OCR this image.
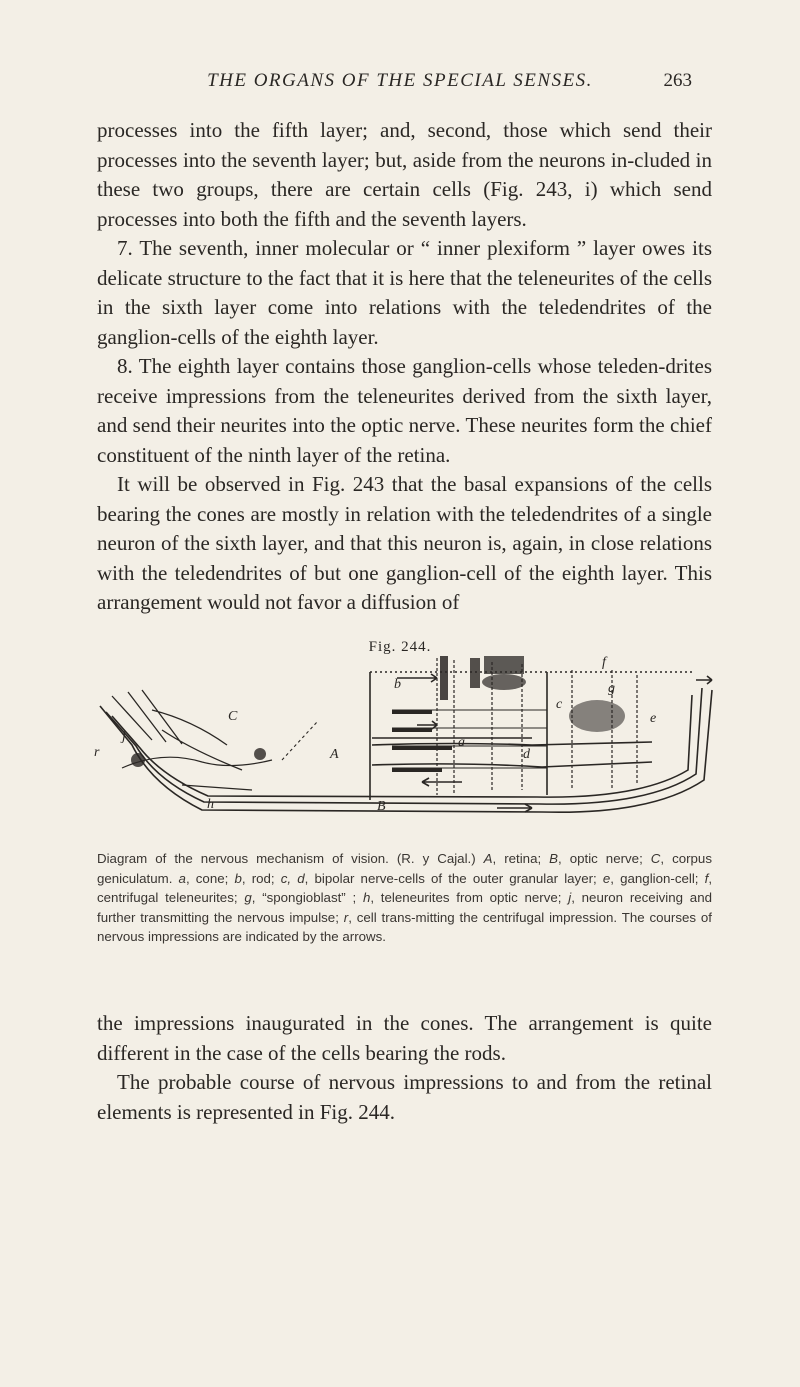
THE ORGANS OF THE SPECIAL SENSES.	263

processes into the fifth layer; and, second, those which send their processes into the seventh layer; but, aside from the neurons in-cluded in these two groups, there are certain cells (Fig. 243, i) which send processes into both the fifth and the seventh layers.

7. The seventh, inner molecular or “ inner plexiform ” layer owes its delicate structure to the fact that it is here that the teleneurites of the cells in the sixth layer come into relations with the teledendrites of the ganglion-cells of the eighth layer.

8. The eighth layer contains those ganglion-cells whose teleden-drites receive impressions from the teleneurites derived from the sixth layer, and send their neurites into the optic nerve. These neurites form the chief constituent of the ninth layer of the retina.

It will be observed in Fig. 243 that the basal expansions of the cells bearing the cones are mostly in relation with the teledendrites of a single neuron of the sixth layer, and that this neuron is, again, in close relations with the teledendrites of but one ganglion-cell of the eighth layer. This arrangement would not favor a diffusion of

Fig. 244.
C
A
B
a
b
c
d
e
f
g
h
j
r
Diagram of the nervous mechanism of vision. (R. y Cajal.) A, retina; B, optic nerve; C, corpus geniculatum. a, cone; b, rod; c, d, bipolar nerve-cells of the outer granular layer; e, ganglion-cell; f, centrifugal teleneurites; g, “spongioblast” ; h, teleneurites from optic nerve; j, neuron receiving and further transmitting the nervous impulse; r, cell trans-mitting the centrifugal impression. The courses of nervous impressions are indicated by the arrows.

the impressions inaugurated in the cones. The arrangement is quite different in the case of the cells bearing the rods.

The probable course of nervous impressions to and from the retinal elements is represented in Fig. 244.
